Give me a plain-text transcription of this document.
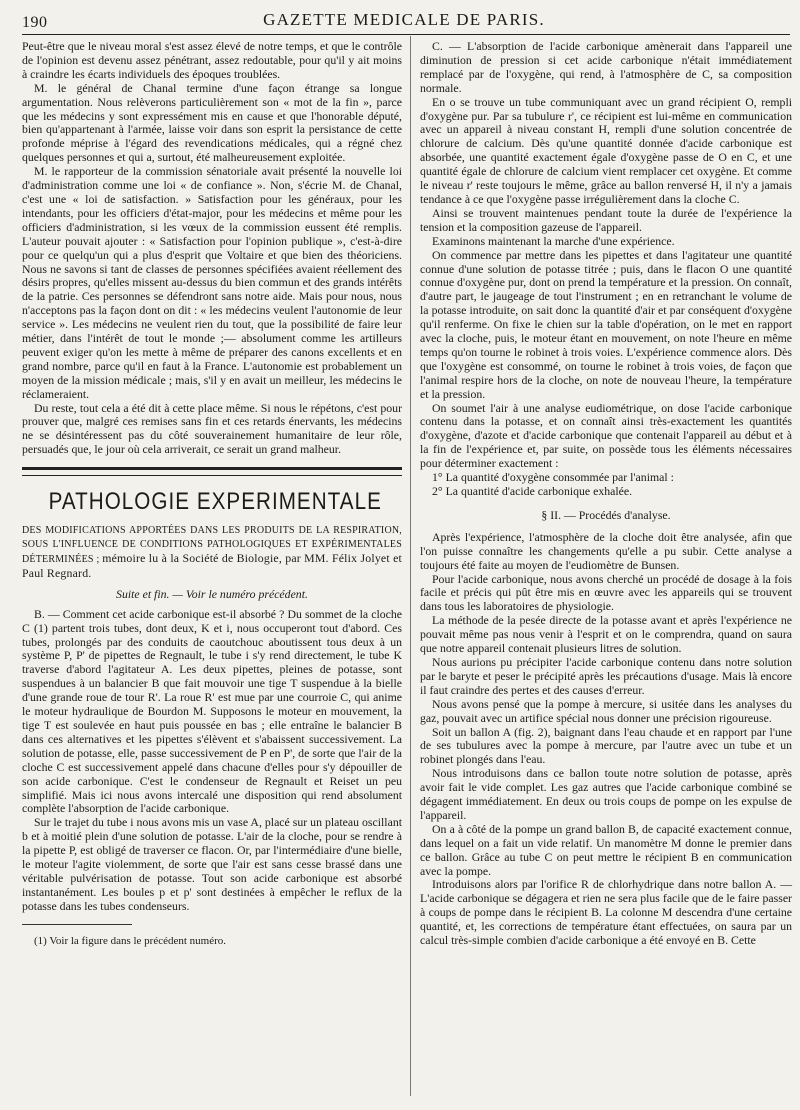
190	GAZETTE MEDICALE DE PARIS.

Peut-être que le niveau moral s'est assez élevé de notre temps, et que le contrôle de l'opinion est devenu assez pénétrant, assez redoutable, pour qu'il y ait moins à craindre les écarts individuels des époques troublées.

M. le général de Chanal termine d'une façon étrange sa longue argumentation. Nous relèverons particulièrement son « mot de la fin », parce que les médecins y sont expressément mis en cause et que l'honorable député, bien qu'appartenant à l'armée, laisse voir dans son esprit la persistance de cette profonde méprise à l'égard des revendications médicales, qui a régné chez quelques personnes et qui a, surtout, été malheureusement exploitée.

M. le rapporteur de la commission sénatoriale avait présenté la nouvelle loi d'administration comme une loi « de confiance ». Non, s'écrie M. de Chanal, c'est une « loi de satisfaction. » Satisfaction pour les généraux, pour les intendants, pour les officiers d'état-major, pour les médecins et même pour les officiers d'administration, si les vœux de la commission eussent été remplis. L'auteur pouvait ajouter : « Satisfaction pour l'opinion publique », c'est-à-dire pour ce quelqu'un qui a plus d'esprit que Voltaire et que bien des théoriciens. Nous ne savons si tant de classes de personnes spécifiées avaient réellement des désirs propres, qu'elles missent au-dessus du bien commun et des grands intérêts de la patrie. Ces personnes se défendront sans notre aide. Mais pour nous, nous n'acceptons pas la façon dont on dit : « les médecins veulent l'autonomie de leur service ». Les médecins ne veulent rien du tout, que la possibilité de faire leur métier, dans l'intérêt de tout le monde ;— absolument comme les artilleurs peuvent exiger qu'on les mette à même de préparer des canons excellents et en grand nombre, parce qu'il en faut à la France. L'autonomie est probablement un moyen de la mission médicale ; mais, s'il y en avait un meilleur, les médecins le réclameraient.

Du reste, tout cela a été dit à cette place même. Si nous le répétons, c'est pour prouver que, malgré ces remises sans fin et ces retards énervants, les médecins ne se désintéressent pas du côté souverainement humanitaire de leur rôle, persuadés que, le jour où cela arriverait, ce serait un grand malheur.

PATHOLOGIE EXPERIMENTALE

DES MODIFICATIONS APPORTÉES DANS LES PRODUITS DE LA RESPIRATION, SOUS L'INFLUENCE DE CONDITIONS PATHOLOGIQUES ET EXPÉRIMENTALES DÉTERMINÉES ; mémoire lu à la Société de Biologie, par MM. Félix Jolyet et Paul Regnard.

Suite et fin. — Voir le numéro précédent.

B. — Comment cet acide carbonique est-il absorbé ? Du sommet de la cloche C (1) partent trois tubes, dont deux, K et i, nous occuperont tout d'abord. Ces tubes, prolongés par des conduits de caoutchouc aboutissent tous deux à un système P, P' de pipettes de Regnault, le tube i s'y rend directement, le tube K traverse d'abord l'agitateur A. Les deux pipettes, pleines de potasse, sont suspendues à un balancier B que fait mouvoir une tige T suspendue à la bielle d'une grande roue de tour R'. La roue R' est mue par une courroie C, qui anime le moteur hydraulique de Bourdon M. Supposons le moteur en mouvement, la tige T est soulevée en haut puis poussée en bas ; elle entraîne le balancier B dans ces alternatives et les pipettes s'élèvent et s'abaissent successivement. La solution de potasse, elle, passe successivement de P en P', de sorte que l'air de la cloche C est successivement appelé dans chacune d'elles pour s'y dépouiller de son acide carbonique. C'est le condenseur de Regnault et Reiset un peu simplifié. Mais ici nous avons intercalé une disposition qui rend absolument complète l'absorption de l'acide carbonique.

Sur le trajet du tube i nous avons mis un vase A, placé sur un plateau oscillant b et à moitié plein d'une solution de potasse. L'air de la cloche, pour se rendre à la pipette P, est obligé de traverser ce flacon. Or, par l'intermédiaire d'une bielle, le moteur l'agite violemment, de sorte que l'air est sans cesse brassé dans une véritable pulvérisation de potasse. Tout son acide carbonique est absorbé instantanément. Les boules p et p' sont destinées à empêcher le reflux de la potasse dans les tubes condenseurs.

(1) Voir la figure dans le précédent numéro.

C. — L'absorption de l'acide carbonique amènerait dans l'appareil une diminution de pression si cet acide carbonique n'était immédiatement remplacé par de l'oxygène, qui rend, à l'atmosphère de C, sa composition normale.

En o se trouve un tube communiquant avec un grand récipient O, rempli d'oxygène pur. Par sa tubulure r', ce récipient est lui-même en communication avec un appareil à niveau constant H, rempli d'une solution concentrée de chlorure de calcium. Dès qu'une quantité donnée d'acide carbonique est absorbée, une quantité exactement égale d'oxygène passe de O en C, et une quantité égale de chlorure de calcium vient remplacer cet oxygène. Et comme le niveau r' reste toujours le même, grâce au ballon renversé H, il n'y a jamais tendance à ce que l'oxygène passe irrégulièrement dans la cloche C.

Ainsi se trouvent maintenues pendant toute la durée de l'expérience la tension et la composition gazeuse de l'appareil.

Examinons maintenant la marche d'une expérience.

On commence par mettre dans les pipettes et dans l'agitateur une quantité connue d'une solution de potasse titrée ; puis, dans le flacon O une quantité connue d'oxygène pur, dont on prend la température et la pression. On connaît, d'autre part, le jaugeage de tout l'instrument ; en en retranchant le volume de la potasse introduite, on sait donc la quantité d'air et par conséquent d'oxygène qu'il renferme. On fixe le chien sur la table d'opération, on le met en rapport avec la cloche, puis, le moteur étant en mouvement, on note l'heure en même temps qu'on tourne le robinet à trois voies. L'expérience commence alors. Dès que l'oxygène est consommé, on tourne le robinet à trois voies, de façon que l'animal respire hors de la cloche, on note de nouveau l'heure, la température et la pression.

On soumet l'air à une analyse eudiométrique, on dose l'acide carbonique contenu dans la potasse, et on connaît ainsi très-exactement les quantités d'oxygène, d'azote et d'acide carbonique que contenait l'appareil au début et à la fin de l'expérience et, par suite, on possède tous les éléments nécessaires pour déterminer exactement :

1° La quantité d'oxygène consommée par l'animal :

2° La quantité d'acide carbonique exhalée.

§ II. — Procédés d'analyse.

Après l'expérience, l'atmosphère de la cloche doit être analysée, afin que l'on puisse connaître les changements qu'elle a pu subir. Cette analyse a toujours été faite au moyen de l'eudiomètre de Bunsen.

Pour l'acide carbonique, nous avons cherché un procédé de dosage à la fois facile et précis qui pût être mis en œuvre avec les appareils qui se trouvent dans tous les laboratoires de physiologie.

La méthode de la pesée directe de la potasse avant et après l'expérience ne pouvait même pas nous venir à l'esprit et on le comprendra, quand on saura que notre appareil contenait plusieurs litres de solution.

Nous aurions pu précipiter l'acide carbonique contenu dans notre solution par le baryte et peser le précipité après les précautions d'usage. Mais là encore il faut craindre des pertes et des causes d'erreur.

Nous avons pensé que la pompe à mercure, si usitée dans les analyses du gaz, pouvait avec un artifice spécial nous donner une précision rigoureuse.

Soit un ballon A (fig. 2), baignant dans l'eau chaude et en rapport par l'une de ses tubulures avec la pompe à mercure, par l'autre avec un tube et un robinet plongés dans l'eau.

Nous introduisons dans ce ballon toute notre solution de potasse, après avoir fait le vide complet. Les gaz autres que l'acide carbonique combiné se dégagent immédiatement. En deux ou trois coups de pompe on les expulse de l'appareil.

On a à côté de la pompe un grand ballon B, de capacité exactement connue, dans lequel on a fait un vide relatif. Un manomètre M donne le premier dans ce ballon. Grâce au tube C on peut mettre le récipient B en communication avec la pompe.

Introduisons alors par l'orifice R de chlorhydrique dans notre ballon A. — L'acide carbonique se dégagera et rien ne sera plus facile que de le faire passer à coups de pompe dans le récipient B. La colonne M descendra d'une certaine quantité, et, les corrections de température étant effectuées, on saura par un calcul très-simple combien d'acide carbonique a été envoyé en B. Cette
